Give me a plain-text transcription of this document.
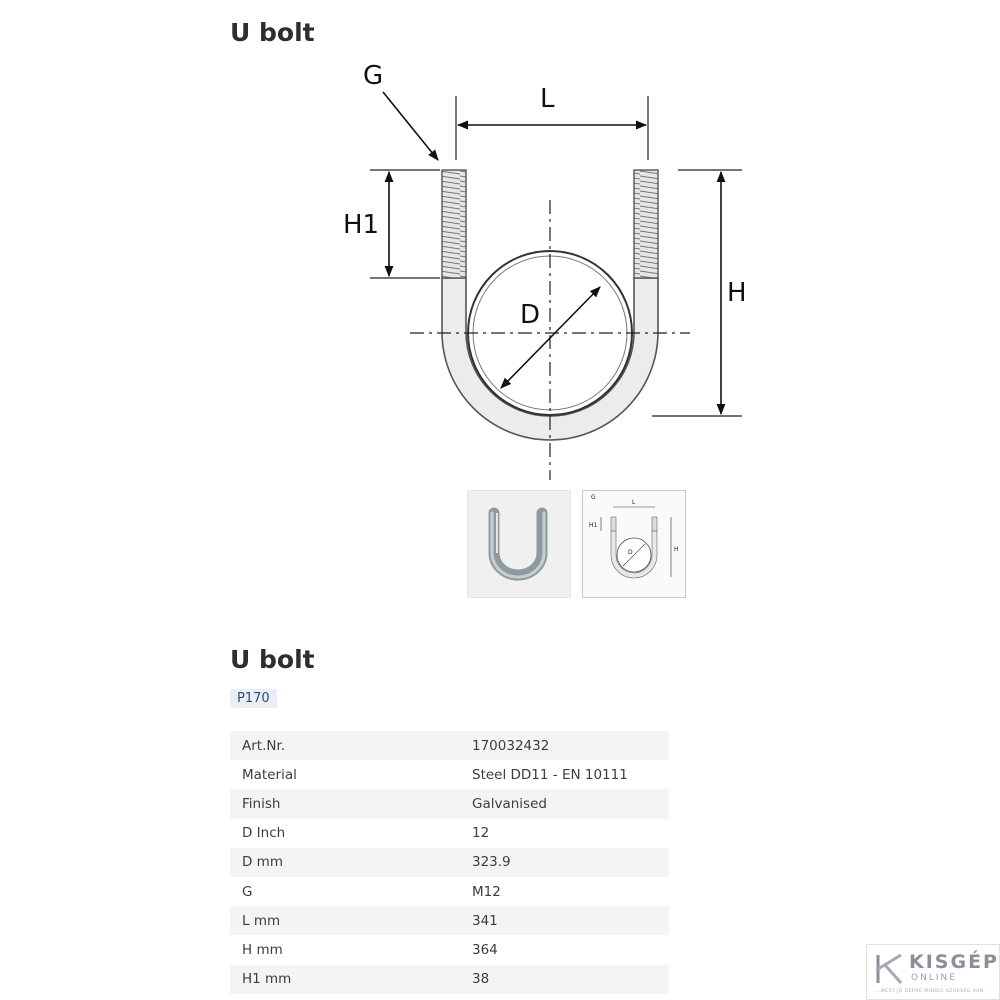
U bolt
G
L
H1
H
D
G
L
H1
H
D
U bolt
P170
Art.Nr.	170032432
Material	Steel DD11 - EN 10111
Finish	Galvanised
D Inch	12
D mm	323.9
G	M12
L mm	341
H mm	364
H1 mm	38
KISGÉP
ONLINE
...MERT JÓ GÉPRE MINDIG SZÜKSÉG VAN.
